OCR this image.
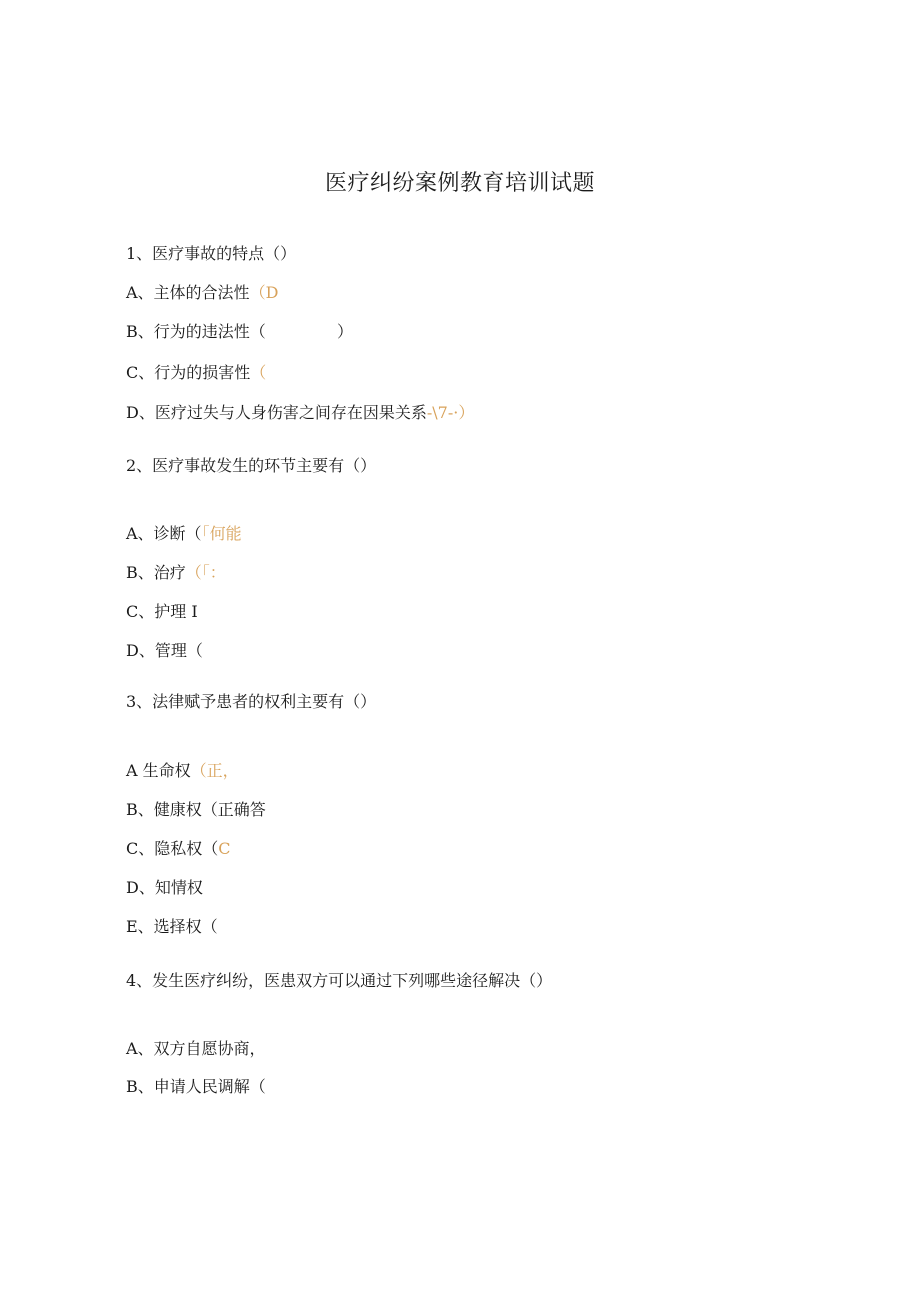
医疗纠纷案例教育培训试题
1、医疗事故的特点（）
A、主体的合法性（D
B、行为的违法性（              ）
C、行为的损害性（
D、医疗过失与人身伤害之间存在因果关系-\7-·）
2、医疗事故发生的环节主要有（）
A、诊断（「何能
B、治疗（「：
C、护理 I
D、管理（
3、法律赋予患者的权利主要有（）
A 生命权（正，
B、健康权（正确答
C、隐私权（C
D、知情权
E、选择权（
4、发生医疗纠纷，医患双方可以通过下列哪些途径解决（）
A、双方自愿协商，
B、申请人民调解（
